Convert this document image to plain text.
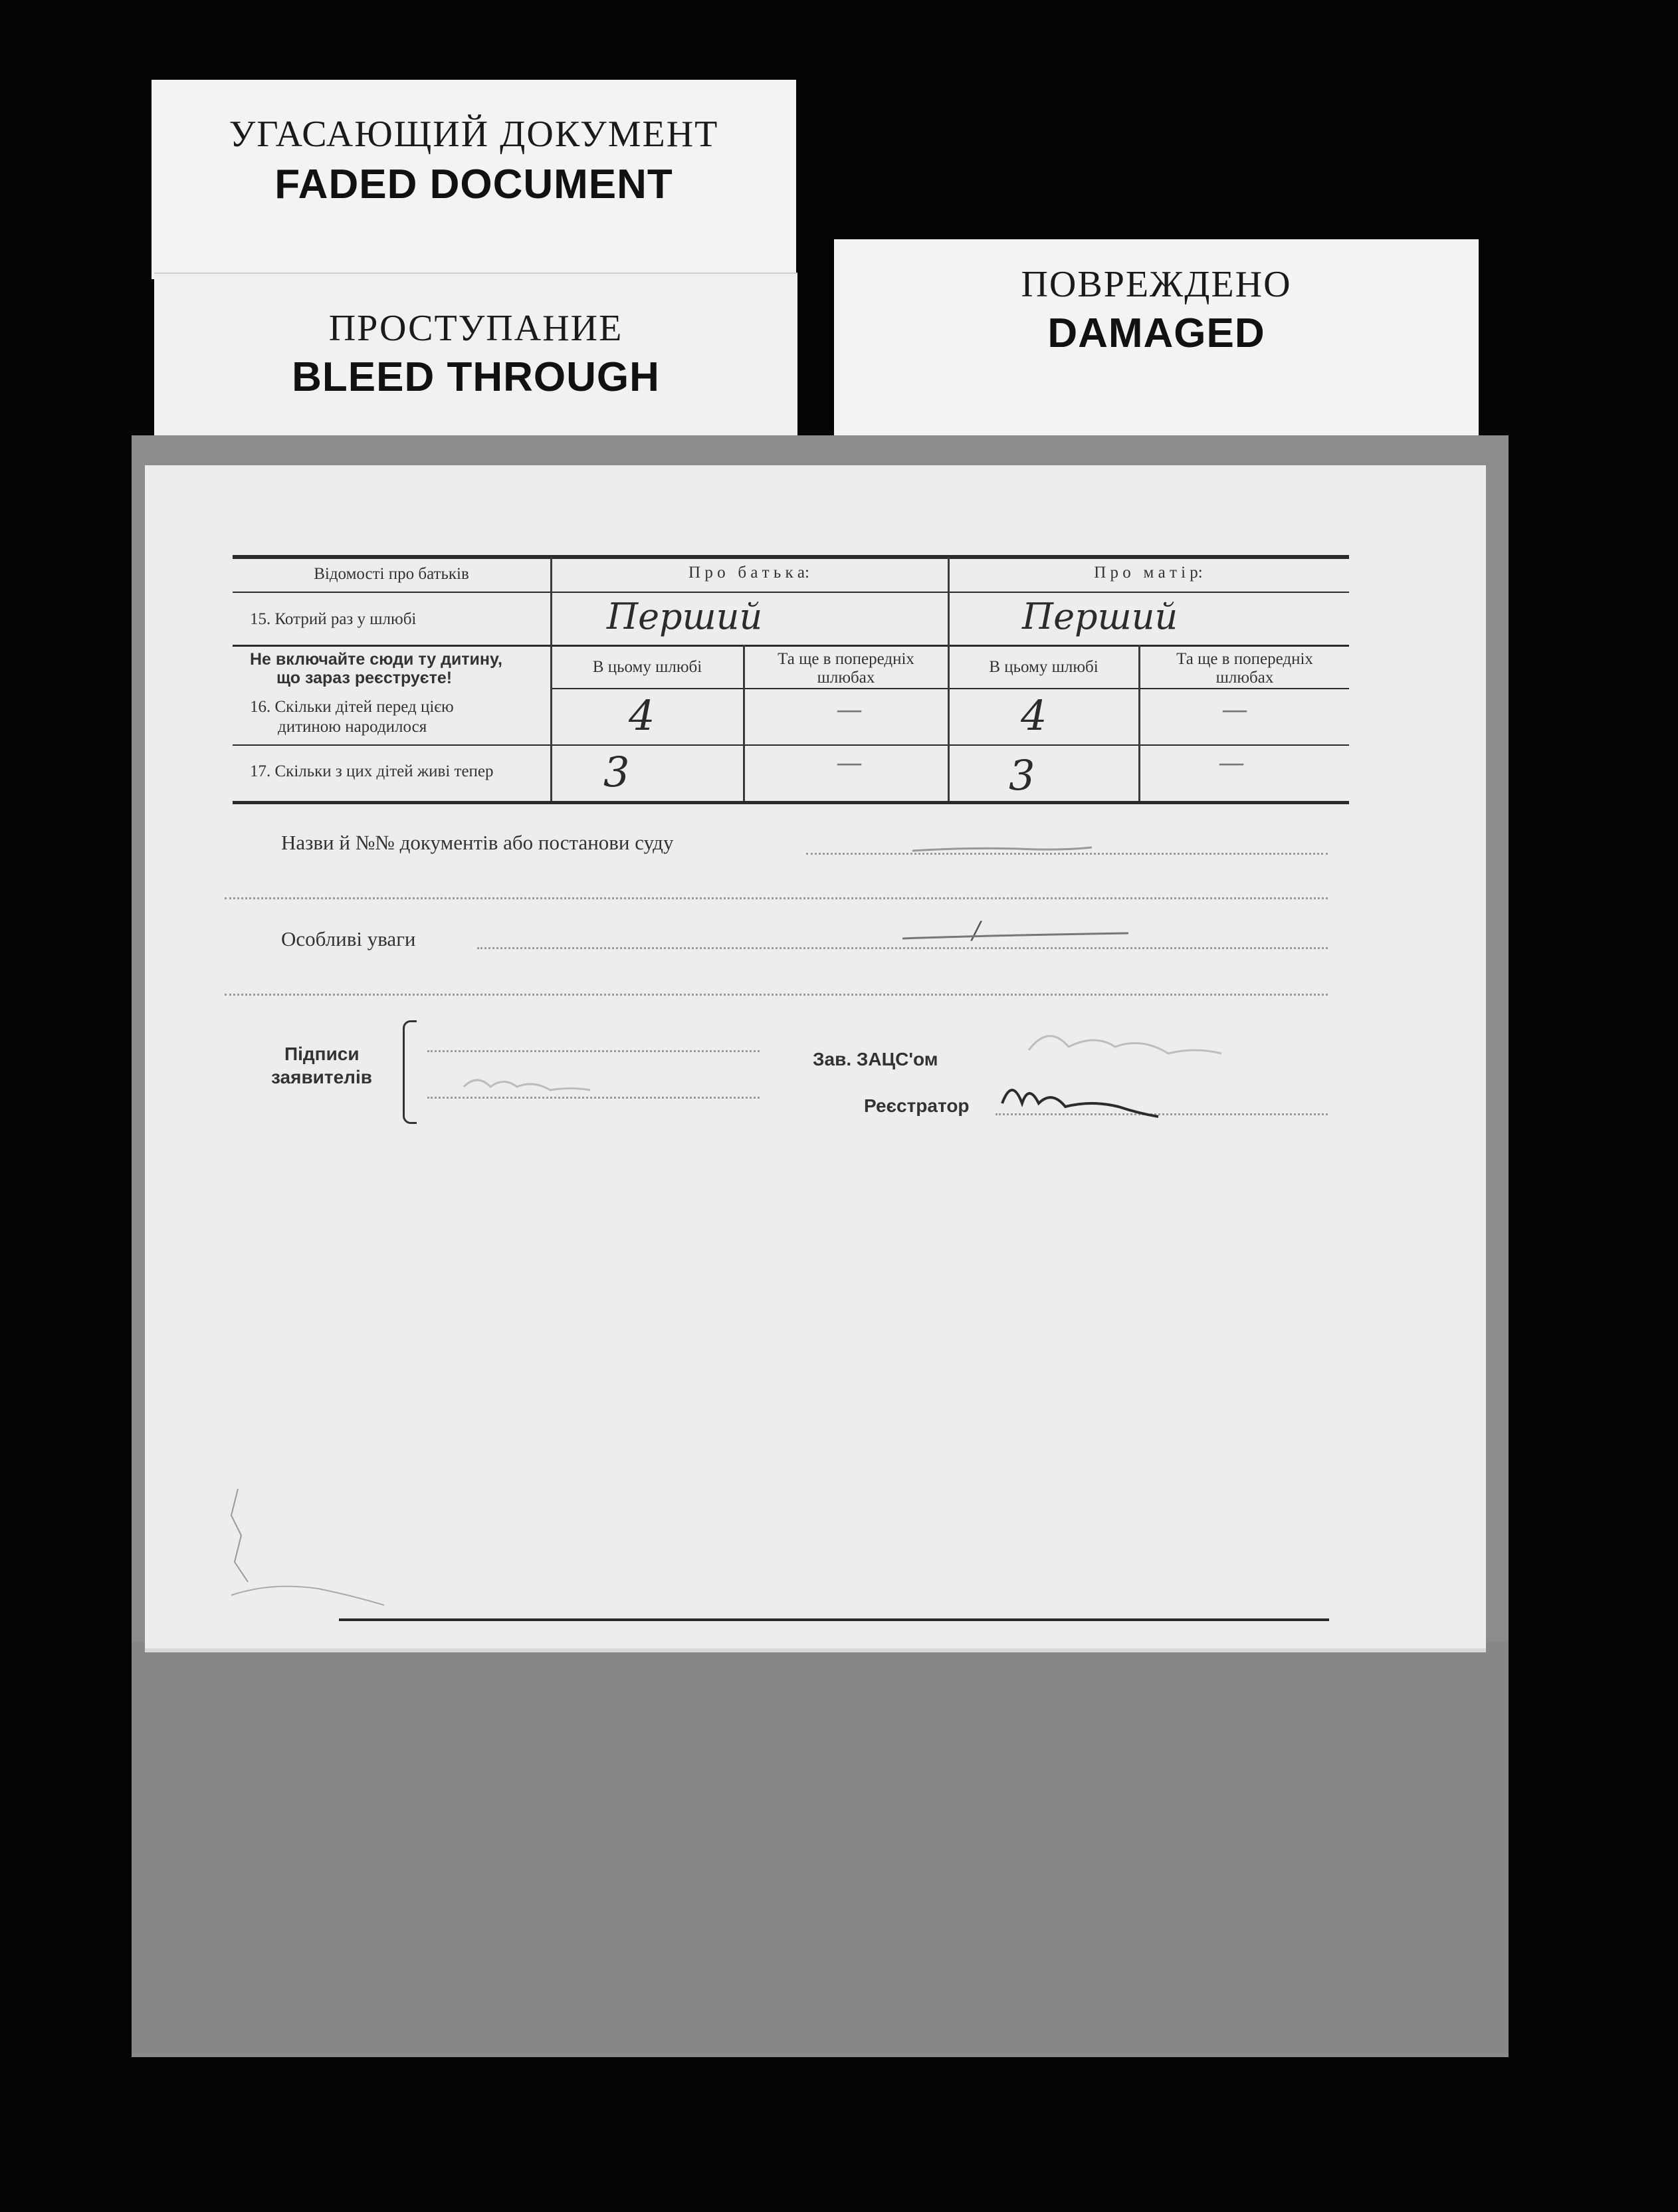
УГАСАЮЩИЙ ДОКУМЕНТ
FADED DOCUMENT
ПРОСТУПАНИЕ
BLEED THROUGH
ПОВРЕЖДЕНО
DAMAGED
Відомості про батьків	П р о   б а т ь к а:	П р о   м а т і р:
15. Котрий раз у шлюбі	Перший	Перший
Не включайте сюди ту дитину,
що зараз реєструєте!
В цьому шлюбі	Та ще в попередніх шлюбах
В цьому шлюбі	Та ще в попередніх шлюбах
16. Скільки дітей перед цією
дитиною народилося	4	—	4	—
17. Скільки з цих дітей живі тепер	3	—	3	—
Назви й №№ документів або постанови суду
Особливі уваги	/
Підписи
заявителів
Зав. ЗАЦС'ом
Реєстратор
